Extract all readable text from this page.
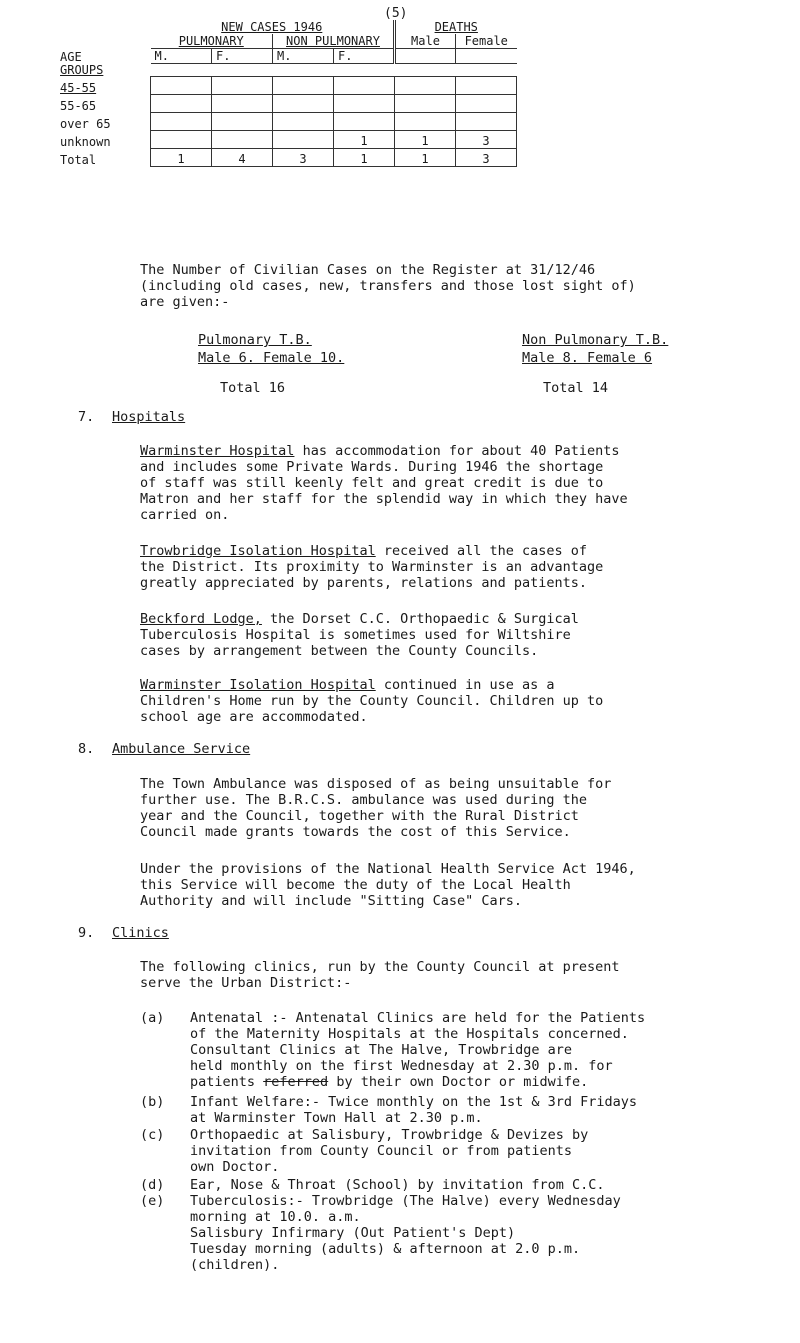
(5)
	NEW CASES 1946				DEATHS	
	PULMONARY		NON PULMONARY		Male	Female
AGE	M.	F.	M.	F.		
GROUPS						
45-55						
55-65						
over 65						
unknown				1	1	3
Total	1	4	3	1	1	3
The Number of Civilian Cases on the Register at 31/12/46
(including old cases, new, transfers and those lost sight of)
are given:-
Pulmonary T.B.
Male 6. Female 10.
Total 16
Non Pulmonary T.B.
Male 8. Female 6
Total 14
7. Hospitals
Warminster Hospital has accommodation for about 40 Patients
and includes some Private Wards. During 1946 the shortage
of staff was still keenly felt and great credit is due to
Matron and her staff for the splendid way in which they have
carried on.
Trowbridge Isolation Hospital received all the cases of
the District. Its proximity to Warminster is an advantage
greatly appreciated by parents, relations and patients.
Beckford Lodge, the Dorset C.C. Orthopaedic & Surgical
Tuberculosis Hospital is sometimes used for Wiltshire
cases by arrangement between the County Councils.
Warminster Isolation Hospital continued in use as a
Children's Home run by the County Council. Children up to
school age are accommodated.
8. Ambulance Service
The Town Ambulance was disposed of as being unsuitable for
further use. The B.R.C.S. ambulance was used during the
year and the Council, together with the Rural District
Council made grants towards the cost of this Service.
Under the provisions of the National Health Service Act 1946,
this Service will become the duty of the Local Health
Authority and will include "Sitting Case" Cars.
9. Clinics
The following clinics, run by the County Council at present
serve the Urban District:-
(a) Antenatal :- Antenatal Clinics are held for the Patients
of the Maternity Hospitals at the Hospitals concerned.
Consultant Clinics at The Halve, Trowbridge are
held monthly on the first Wednesday at 2.30 p.m. for
patients referred by their own Doctor or midwife.
(b) Infant Welfare:- Twice monthly on the 1st & 3rd Fridays
at Warminster Town Hall at 2.30 p.m.
(c) Orthopaedic at Salisbury, Trowbridge & Devizes by
invitation from County Council or from patients
own Doctor.
(d) Ear, Nose & Throat (School) by invitation from C.C.
(e) Tuberculosis:- Trowbridge (The Halve) every Wednesday
morning at 10.0. a.m.
Salisbury Infirmary (Out Patient's Dept)
Tuesday morning (adults) & afternoon at 2.0 p.m.
(children).
